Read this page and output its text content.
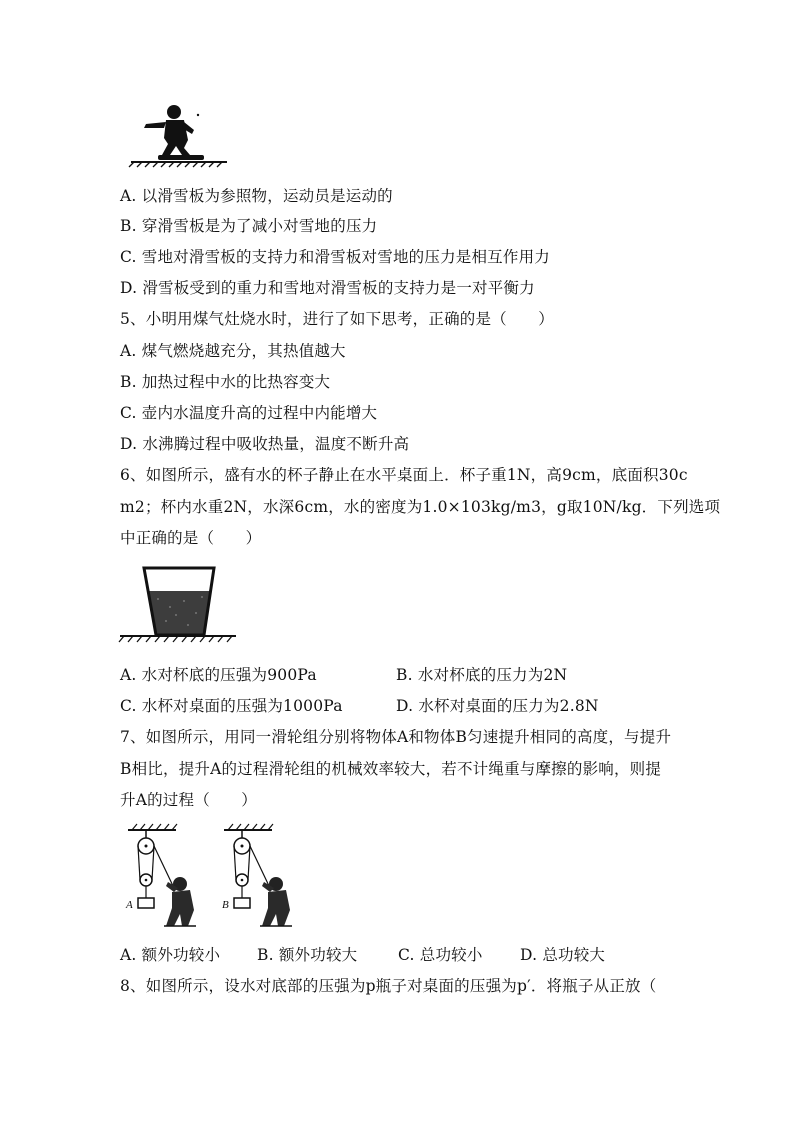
A. 以滑雪板为参照物，运动员是运动的
B. 穿滑雪板是为了减小对雪地的压力
C. 雪地对滑雪板的支持力和滑雪板对雪地的压力是相互作用力
D. 滑雪板受到的重力和雪地对滑雪板的支持力是一对平衡力
5、小明用煤气灶烧水时，进行了如下思考，正确的是（　　）
A. 煤气燃烧越充分，其热值越大
B. 加热过程中水的比热容变大
C. 壶内水温度升高的过程中内能增大
D. 水沸腾过程中吸收热量，温度不断升高
6、如图所示，盛有水的杯子静止在水平桌面上．杯子重1N，高9cm，底面积30c
m2；杯内水重2N，水深6cm，水的密度为1.0×103kg/m3，g取10N/kg．下列选项
中正确的是（　　）
A. 水对杯底的压强为900Pa	B. 水对杯底的压力为2N
C. 水杯对桌面的压强为1000Pa	D. 水杯对桌面的压力为2.8N
7、如图所示，用同一滑轮组分别将物体A和物体B匀速提升相同的高度，与提升
B相比，提升A的过程滑轮组的机械效率较大，若不计绳重与摩擦的影响，则提
升A的过程（　　）
A	B
A. 额外功较小 B. 额外功较大	C. 总功较小 D. 总功较大
8、如图所示，设水对底部的压强为p瓶子对桌面的压强为p′．将瓶子从正放（
